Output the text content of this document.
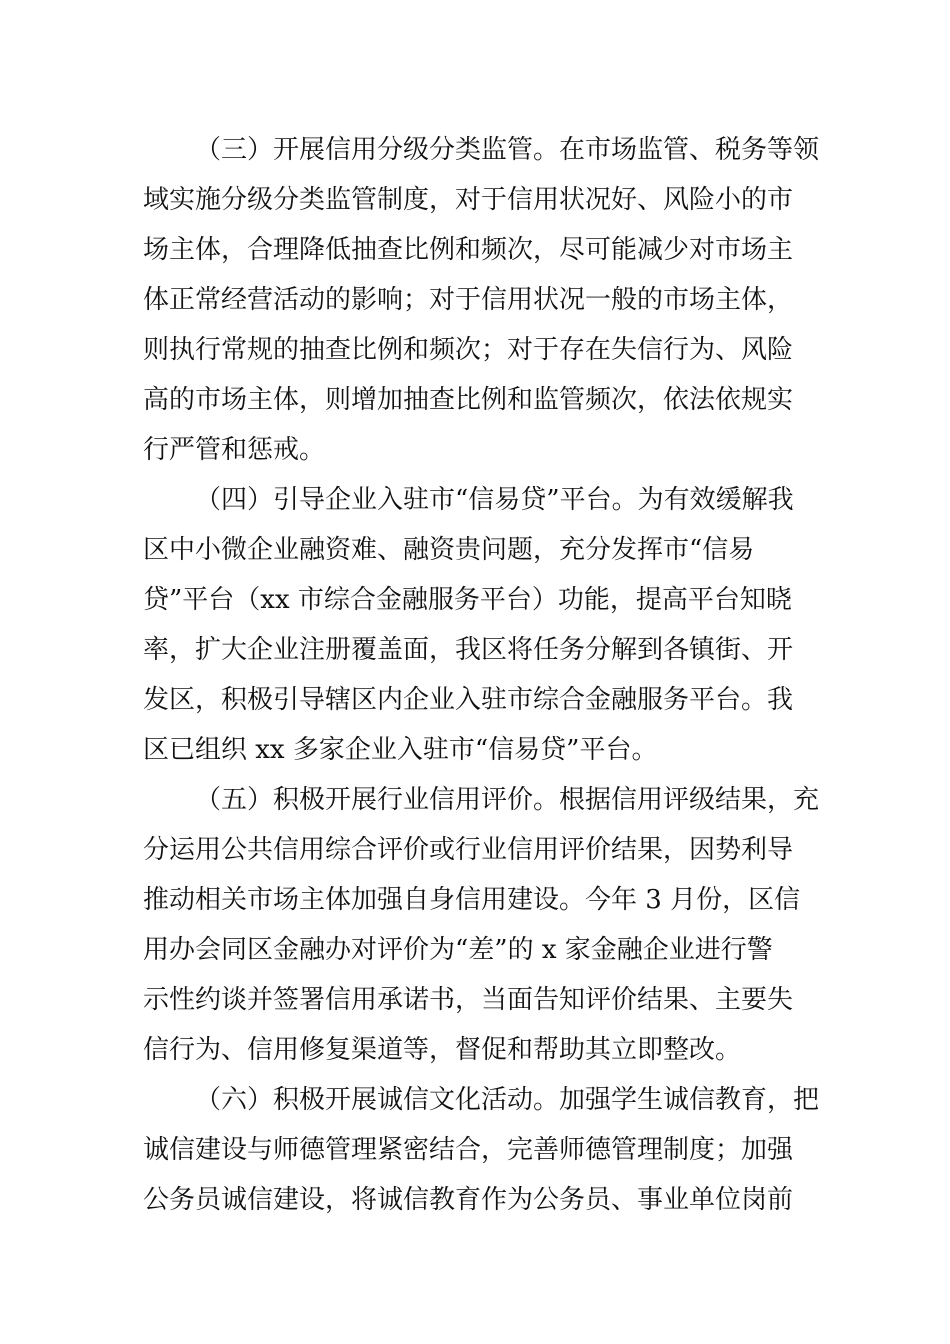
（三）开展信用分级分类监管。在市场监管、税务等领
域实施分级分类监管制度，对于信用状况好、风险小的市
场主体，合理降低抽查比例和频次，尽可能减少对市场主
体正常经营活动的影响；对于信用状况一般的市场主体，
则执行常规的抽查比例和频次；对于存在失信行为、风险
高的市场主体，则增加抽查比例和监管频次，依法依规实
行严管和惩戒。
（四）引导企业入驻市“信易贷”平台。为有效缓解我
区中小微企业融资难、融资贵问题，充分发挥市“信易
贷”平台（xx 市综合金融服务平台）功能，提高平台知晓
率，扩大企业注册覆盖面，我区将任务分解到各镇街、开
发区，积极引导辖区内企业入驻市综合金融服务平台。我
区已组织 xx 多家企业入驻市“信易贷”平台。
（五）积极开展行业信用评价。根据信用评级结果，充
分运用公共信用综合评价或行业信用评价结果，因势利导
推动相关市场主体加强自身信用建设。今年 3 月份，区信
用办会同区金融办对评价为“差”的 x 家金融企业进行警
示性约谈并签署信用承诺书，当面告知评价结果、主要失
信行为、信用修复渠道等，督促和帮助其立即整改。
（六）积极开展诚信文化活动。加强学生诚信教育，把
诚信建设与师德管理紧密结合，完善师德管理制度；加强
公务员诚信建设，将诚信教育作为公务员、事业单位岗前
